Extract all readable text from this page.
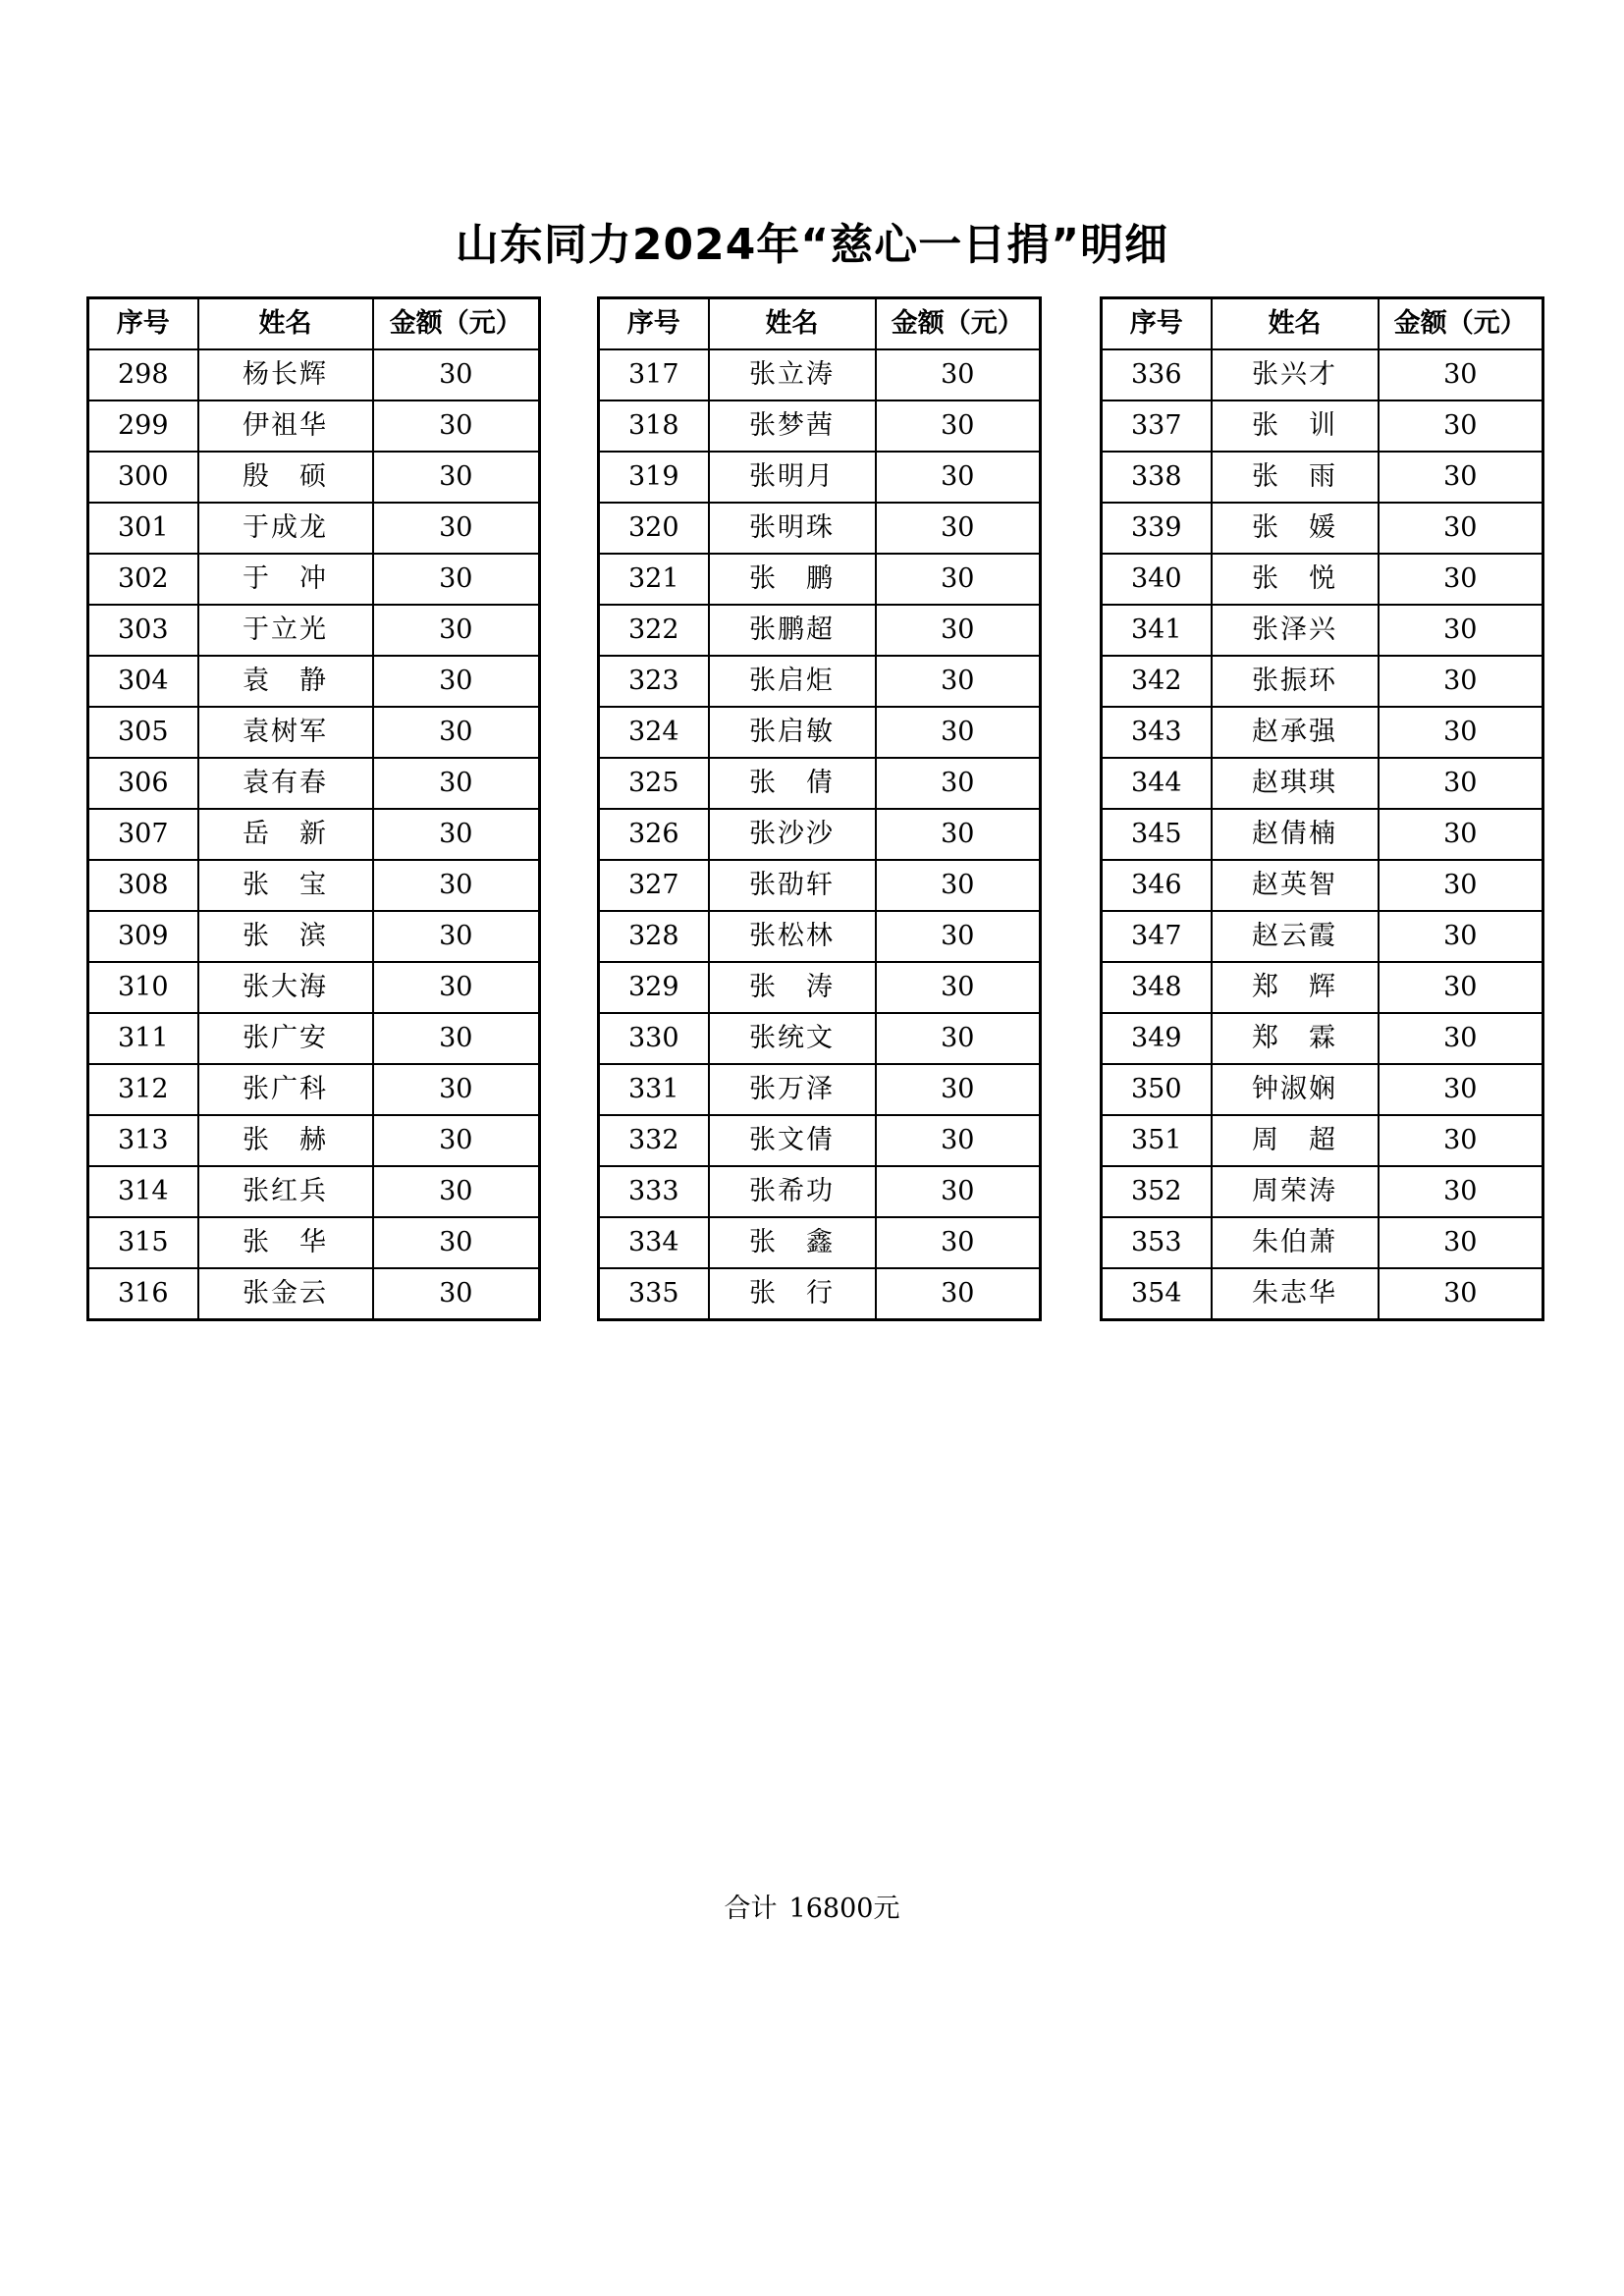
山东同力2024年“慈心一日捐”明细
序号	姓名	金额（元）
298	杨长辉	30
299	伊祖华	30
300	殷　硕	30
301	于成龙	30
302	于　冲	30
303	于立光	30
304	袁　静	30
305	袁树军	30
306	袁有春	30
307	岳　新	30
308	张　宝	30
309	张　滨	30
310	张大海	30
311	张广安	30
312	张广科	30
313	张　赫	30
314	张红兵	30
315	张　华	30
316	张金云	30
序号	姓名	金额（元）
317	张立涛	30
318	张梦茜	30
319	张明月	30
320	张明珠	30
321	张　鹏	30
322	张鹏超	30
323	张启炬	30
324	张启敏	30
325	张　倩	30
326	张沙沙	30
327	张劭轩	30
328	张松林	30
329	张　涛	30
330	张统文	30
331	张万泽	30
332	张文倩	30
333	张希功	30
334	张　鑫	30
335	张　行	30
序号	姓名	金额（元）
336	张兴才	30
337	张　训	30
338	张　雨	30
339	张　媛	30
340	张　悦	30
341	张泽兴	30
342	张振环	30
343	赵承强	30
344	赵琪琪	30
345	赵倩楠	30
346	赵英智	30
347	赵云霞	30
348	郑　辉	30
349	郑　霖	30
350	钟淑娴	30
351	周　超	30
352	周荣涛	30
353	朱伯萧	30
354	朱志华	30
合计 16800元
